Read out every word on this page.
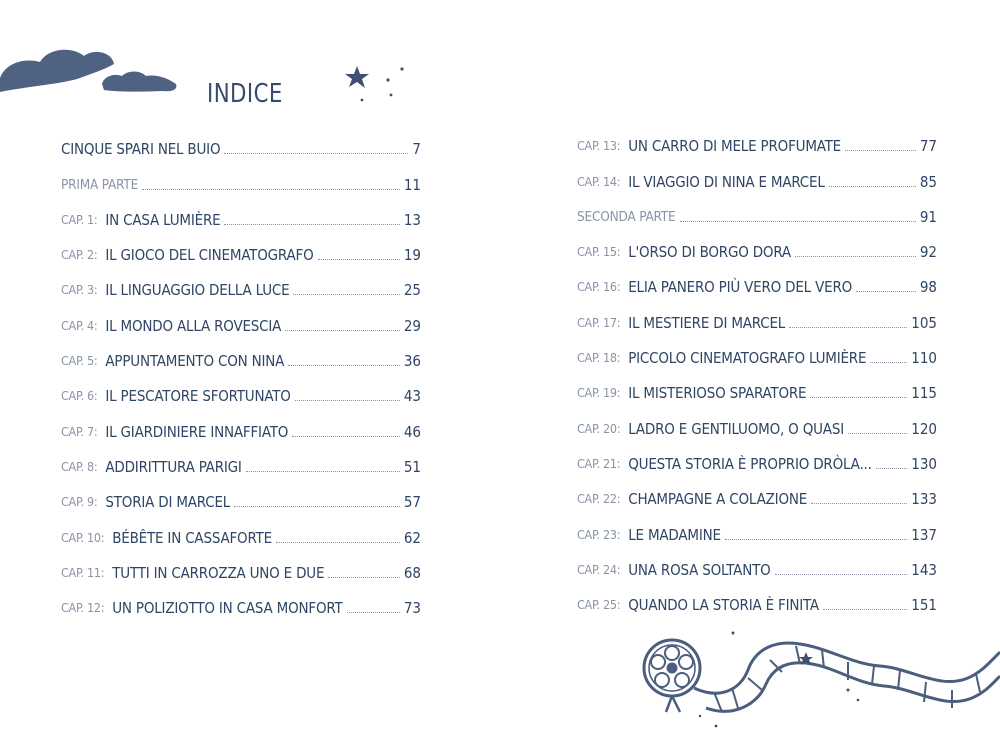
INDICE
CINQUE SPARI NEL BUIO	7
PRIMA PARTE	11
CAP. 1: IN CASA LUMIÈRE	13
CAP. 2: IL GIOCO DEL CINEMATOGRAFO	19
CAP. 3: IL LINGUAGGIO DELLA LUCE	25
CAP. 4: IL MONDO ALLA ROVESCIA	29
CAP. 5: APPUNTAMENTO CON NINA	36
CAP. 6: IL PESCATORE SFORTUNATO	43
CAP. 7: IL GIARDINIERE INNAFFIATO	46
CAP. 8: ADDIRITTURA PARIGI	51
CAP. 9: STORIA DI MARCEL	57
CAP. 10: BÉBÊTE IN CASSAFORTE	62
CAP. 11: TUTTI IN CARROZZA UNO E DUE	68
CAP. 12: UN POLIZIOTTO IN CASA MONFORT	73
CAP. 13: UN CARRO DI MELE PROFUMATE	77
CAP. 14: IL VIAGGIO DI NINA E MARCEL	85
SECONDA PARTE	91
CAP. 15: L'ORSO DI BORGO DORA	92
CAP. 16: ELIA PANERO PIÙ VERO DEL VERO	98
CAP. 17: IL MESTIERE DI MARCEL	105
CAP. 18: PICCOLO CINEMATOGRAFO LUMIÈRE	110
CAP. 19: IL MISTERIOSO SPARATORE	115
CAP. 20: LADRO E GENTILUOMO, O QUASI	120
CAP. 21: QUESTA STORIA È PROPRIO DRÒLA...	130
CAP. 22: CHAMPAGNE A COLAZIONE	133
CAP. 23: LE MADAMINE	137
CAP. 24: UNA ROSA SOLTANTO	143
CAP. 25: QUANDO LA STORIA È FINITA	151
